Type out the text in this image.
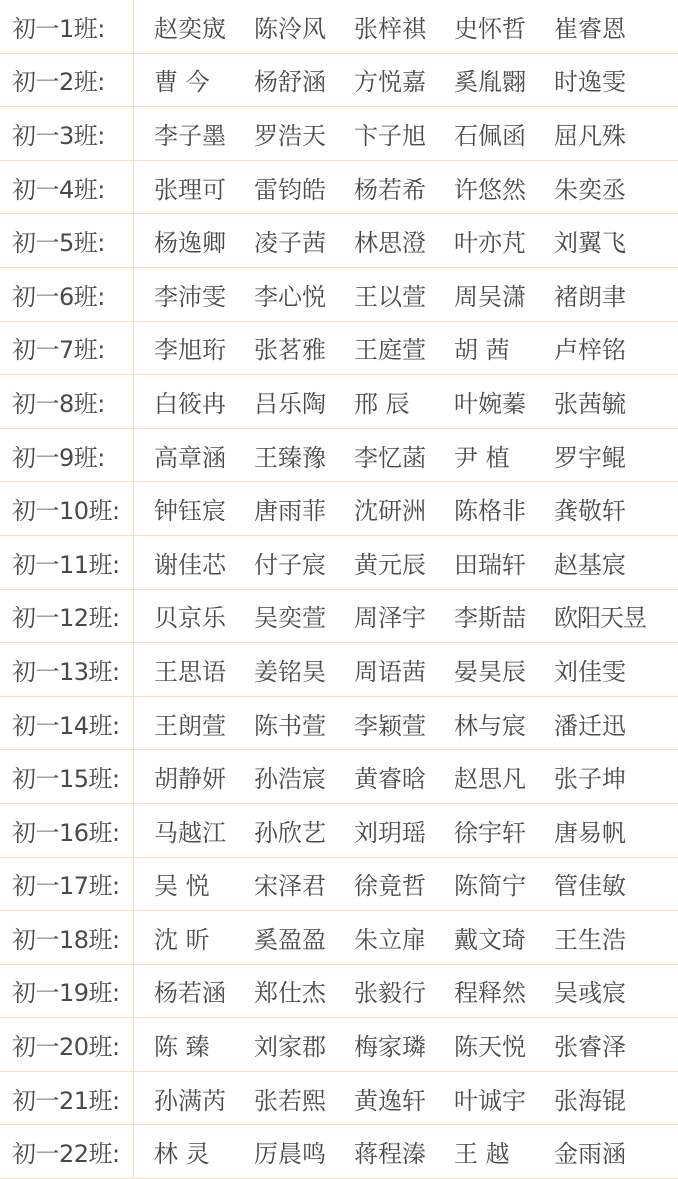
初一1班:	赵奕宬	陈泠风	张梓祺	史怀哲	崔睿恩
初一2班:	曹 今	杨舒涵	方悦嘉	奚胤翾	时逸雯
初一3班:	李子墨	罗浩天	卞子旭	石佩函	屈凡殊
初一4班:	张理可	雷钧皓	杨若希	许悠然	朱奕丞
初一5班:	杨逸卿	凌子茜	林思澄	叶亦芃	刘翼飞
初一6班:	李沛雯	李心悦	王以萱	周吴潇	褚朗聿
初一7班:	李旭珩	张茗雅	王庭萱	胡 茜	卢梓铭
初一8班:	白筱冉	吕乐陶	邢 辰	叶婉蓁	张茜毓
初一9班:	高章涵	王臻豫	李忆菡	尹 植	罗宇鲲
初一10班:	钟钰宸	唐雨菲	沈研洲	陈格非	龚敬轩
初一11班:	谢佳芯	付子宸	黄元辰	田瑞轩	赵基宸
初一12班:	贝京乐	吴奕萱	周泽宇	李斯喆	欧阳天昱
初一13班:	王思语	姜铭昊	周语茜	晏昊辰	刘佳雯
初一14班:	王朗萱	陈书萱	李颖萱	林与宸	潘迁迅
初一15班:	胡静妍	孙浩宸	黄睿晗	赵思凡	张子坤
初一16班:	马越江	孙欣艺	刘玥瑶	徐宇轩	唐易帆
初一17班:	吴 悦	宋泽君	徐竟哲	陈简宁	管佳敏
初一18班:	沈 昕	奚盈盈	朱立扉	戴文琦	王生浩
初一19班:	杨若涵	郑仕杰	张毅行	程释然	吴彧宸
初一20班:	陈 臻	刘家郡	梅家璘	陈天悦	张睿泽
初一21班:	孙满芮	张若熙	黄逸轩	叶诚宇	张海锟
初一22班:	林 灵	厉晨鸣	蒋程溱	王 越	金雨涵
